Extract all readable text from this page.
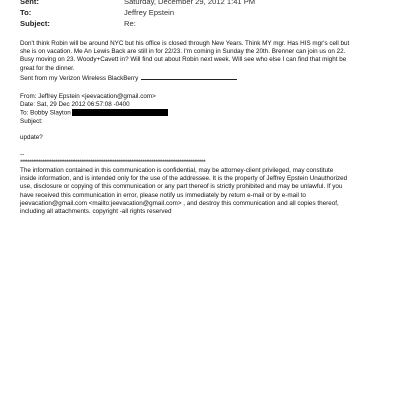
Sent:	Saturday, December 29, 2012 1:41 PM
To:	Jeffrey Epstein
Subject:	Re:

Don't think Robin will be around NYC but his office is closed through New Years. Think MY mgr. Has HIS mgr's cell but

she is on vacation. Me An Lewis Back are still in for 22/23. I'm coming in Sunday the 20th. Brenner can join us on 22.

Busy moving on 23. Woody+Cavett in? Will find out about Robin next week. Will see who else I can find that might be

great for the dinner.

Sent from my Verizon Wireless BlackBerry

From: Jeffrey Epstein <jeevacation@gmail.com>

Date: Sat, 29 Dec 2012 06:57:08 -0400

To: Bobby Slayton

Subject:

update?

--

****************************************************************************************************

The information contained in this communication is confidential, may be attorney-client privileged, may constitute

inside information, and is intended only for the use of the addressee. It is the property of Jeffrey Epstein Unauthorized

use, disclosure or copying of this communication or any part thereof is strictly prohibited and may be unlawful. If you

have received this communication in error, please notify us immediately by return e-mail or by e-mail to

jeevacation@gmail.com <mailto:jeevacation@gmail.com> , and destroy this communication and all copies thereof,

including all attachments. copyright -all rights reserved
